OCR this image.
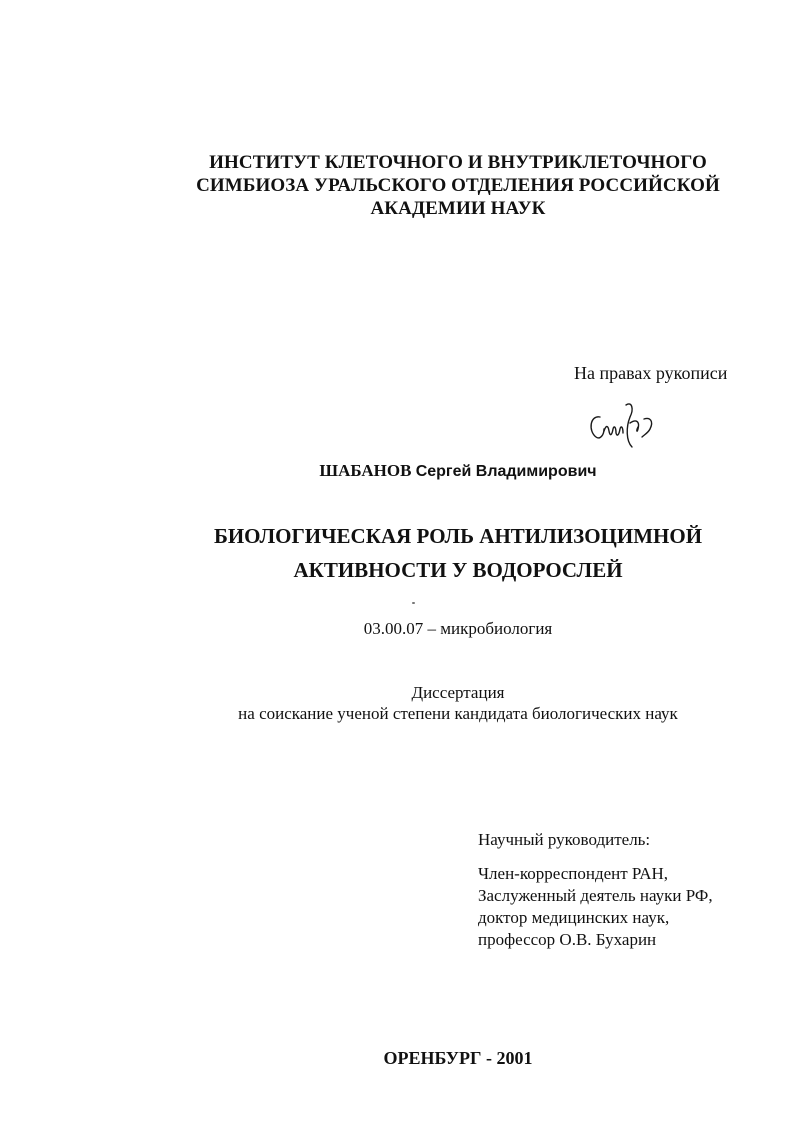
ИНСТИТУТ КЛЕТОЧНОГО И ВНУТРИКЛЕТОЧНОГО
СИМБИОЗА УРАЛЬСКОГО ОТДЕЛЕНИЯ РОССИЙСКОЙ
АКАДЕМИИ НАУК
На правах рукописи
ШАБАНОВ Сергей Владимирович
БИОЛОГИЧЕСКАЯ РОЛЬ АНТИЛИЗОЦИМНОЙ
АКТИВНОСТИ У ВОДОРОСЛЕЙ
03.00.07 – микробиология
Диссертация
на соискание ученой степени кандидата биологических наук
Научный руководитель:
Член-корреспондент РАН,
Заслуженный деятель науки РФ,
доктор медицинских наук,
профессор О.В. Бухарин
ОРЕНБУРГ - 2001
